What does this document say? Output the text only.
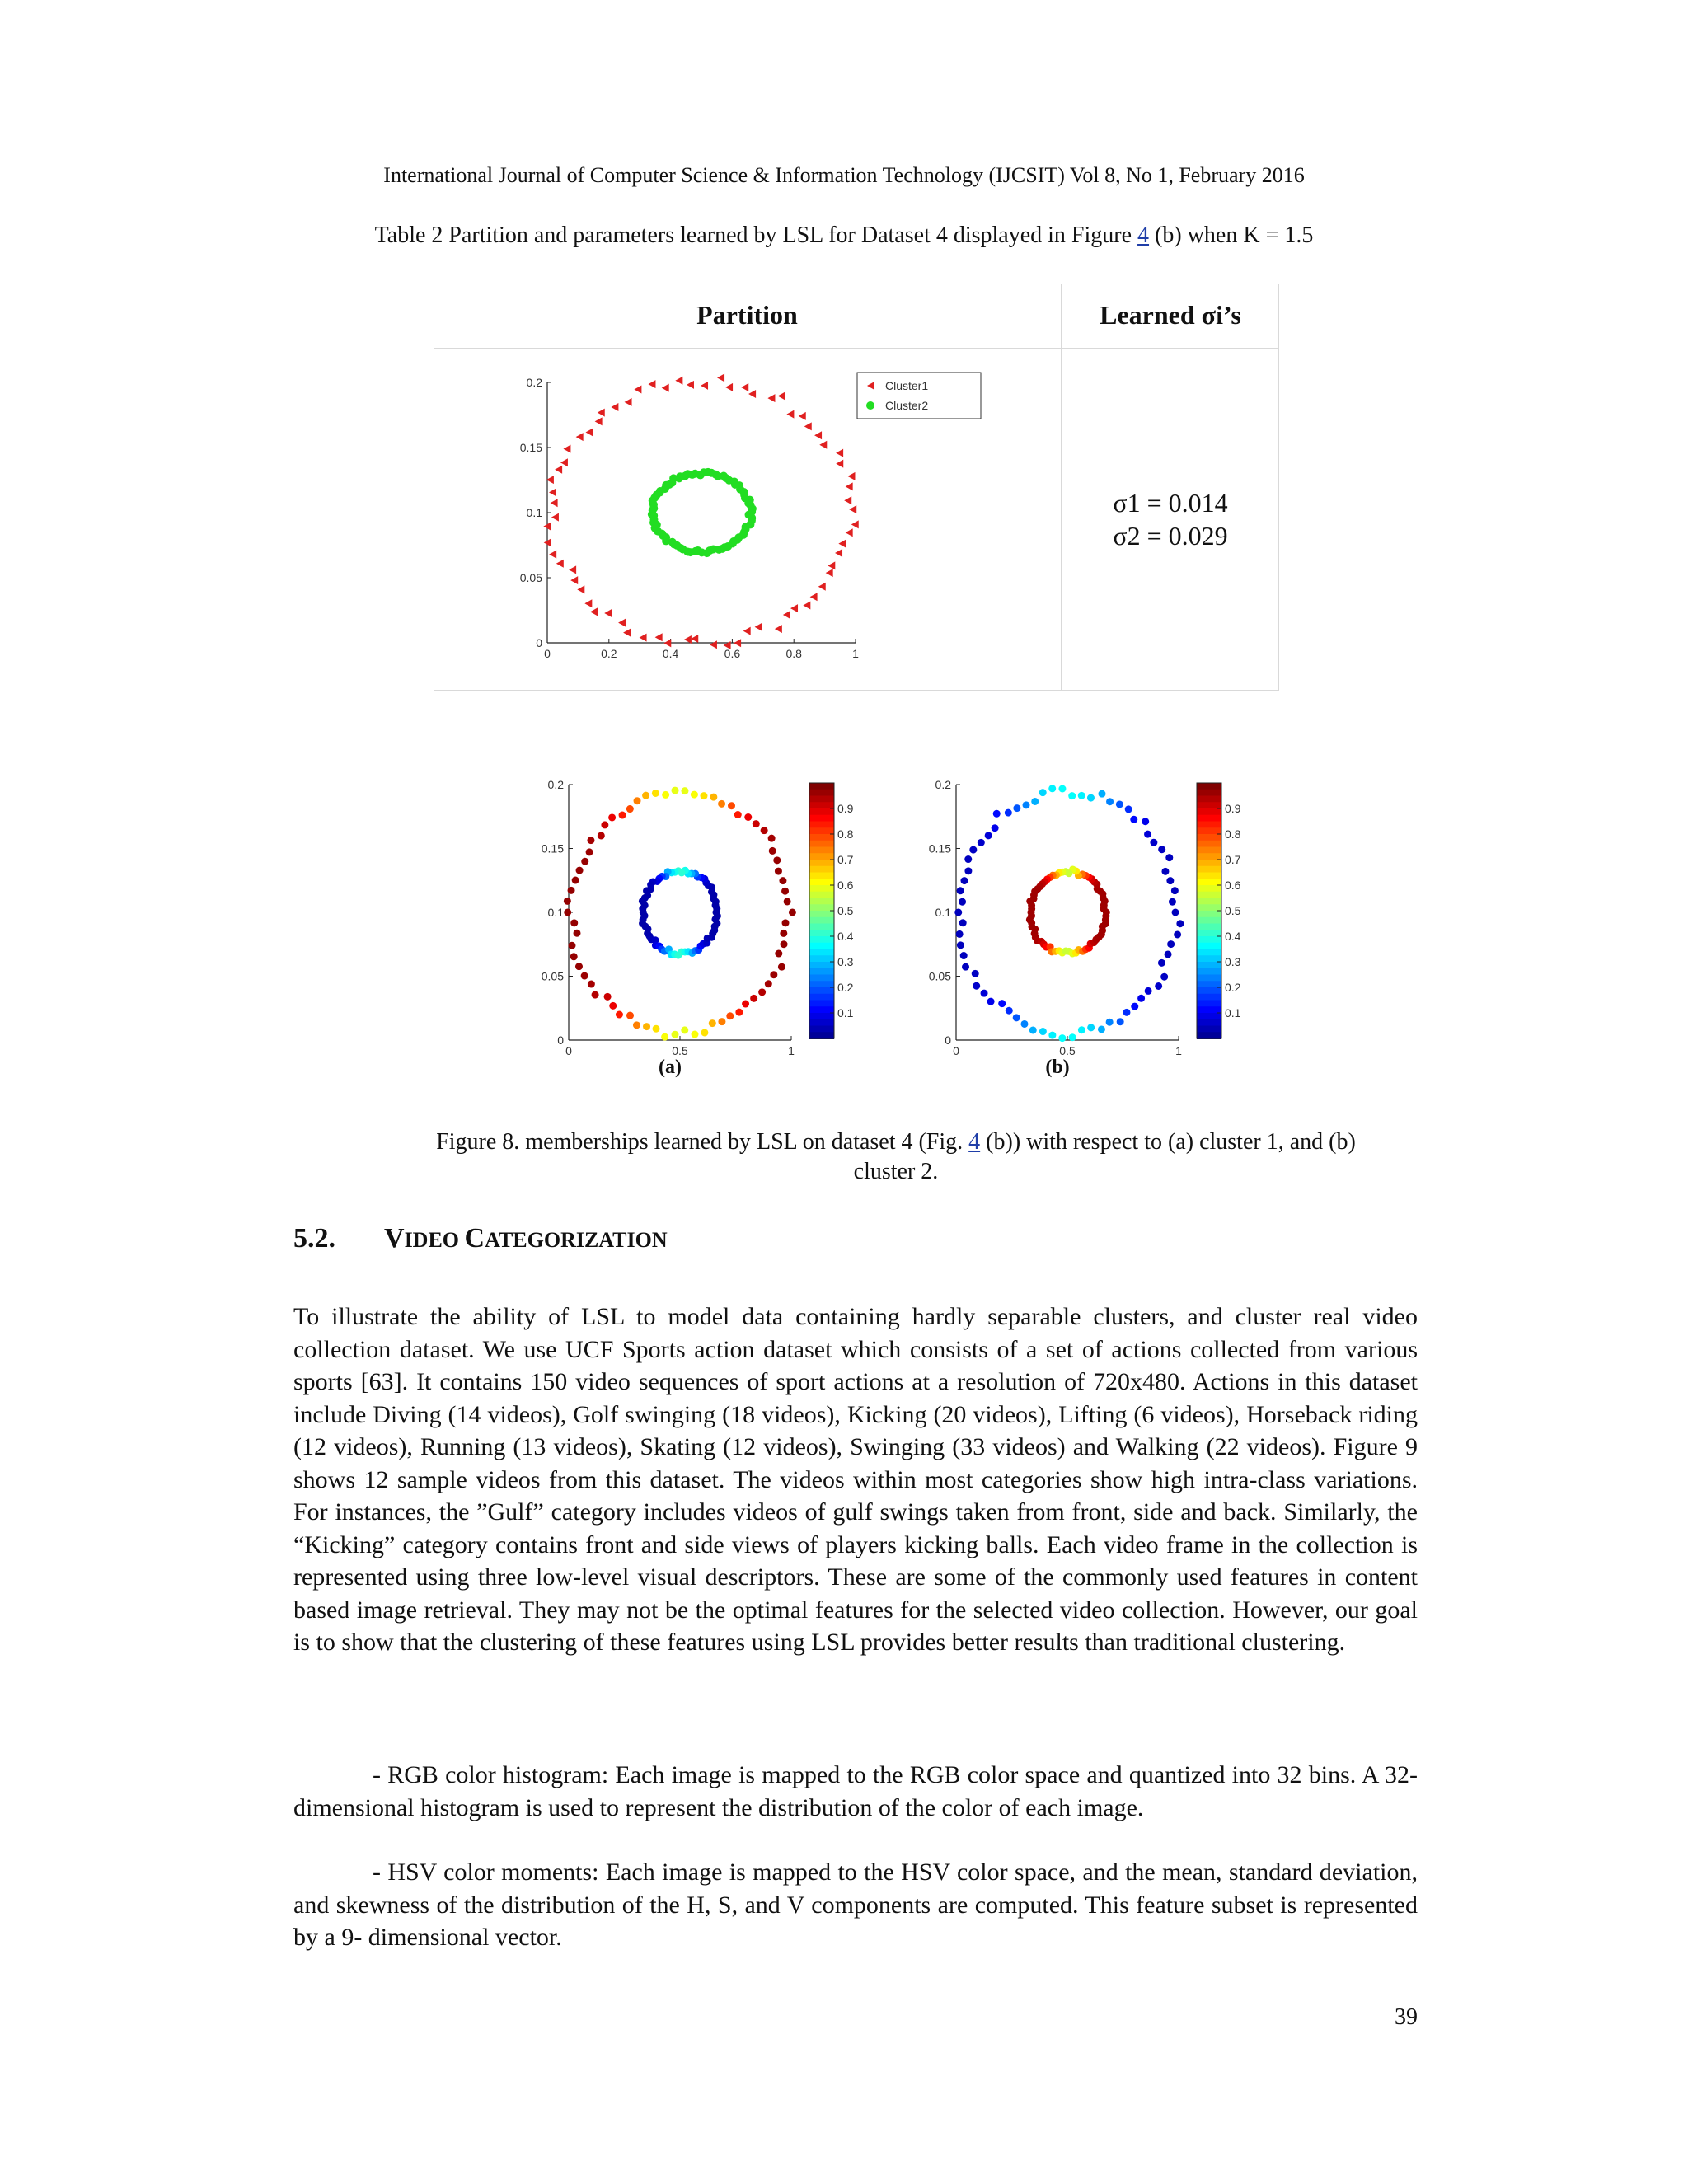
International Journal of Computer Science & Information Technology (IJCSIT) Vol 8, No 1, February 2016
Table 2 Partition and parameters learned by LSL for Dataset 4 displayed in Figure 4 (b) when K = 1.5
Partition	Learned σi’s
σ1 = 0.014
σ2 = 0.029
0	0.2	0.4	0.6	0.8	1
0
0.05
0.1
0.15
0.2	Cluster1
Cluster2
0	0.5	1
0
0.05
0.1
0.15
0.2
0.1
0.2
0.3
0.4
0.5
0.6
0.7
0.8
0.9
(a)
0	0.5	1
0
0.05
0.1
0.15
0.2
0.1
0.2
0.3
0.4
0.5
0.6
0.7
0.8
0.9
(b)
Figure 8. memberships learned by LSL on dataset 4 (Fig. 4 (b)) with respect to (a) cluster 1, and (b)
cluster 2.
5.2. VIDEO CATEGORIZATION
To illustrate the ability of LSL to model data containing hardly separable clusters, and cluster real video collection dataset. We use UCF Sports action dataset which consists of a set of actions collected from various sports [63]. It contains 150 video sequences of sport actions at a resolution of 720x480. Actions in this dataset include Diving (14 videos), Golf swinging (18 videos), Kicking (20 videos), Lifting (6 videos), Horseback riding (12 videos), Running (13 videos), Skating (12 videos), Swinging (33 videos) and Walking (22 videos). Figure 9 shows 12 sample videos from this dataset. The videos within most categories show high intra-class variations. For instances, the ”Gulf” category includes videos of gulf swings taken from front, side and back. Similarly, the “Kicking” category contains front and side views of players kicking balls. Each video frame in the collection is represented using three low-level visual descriptors. These are some of the commonly used features in content based image retrieval. They may not be the optimal features for the selected video collection. However, our goal is to show that the clustering of these features using LSL provides better results than traditional clustering.
- RGB color histogram: Each image is mapped to the RGB color space and quantized into 32 bins. A 32-dimensional histogram is used to represent the distribution of the color of each image.
- HSV color moments: Each image is mapped to the HSV color space, and the mean, standard deviation, and skewness of the distribution of the H, S, and V components are computed. This feature subset is represented by a 9- dimensional vector.
39
